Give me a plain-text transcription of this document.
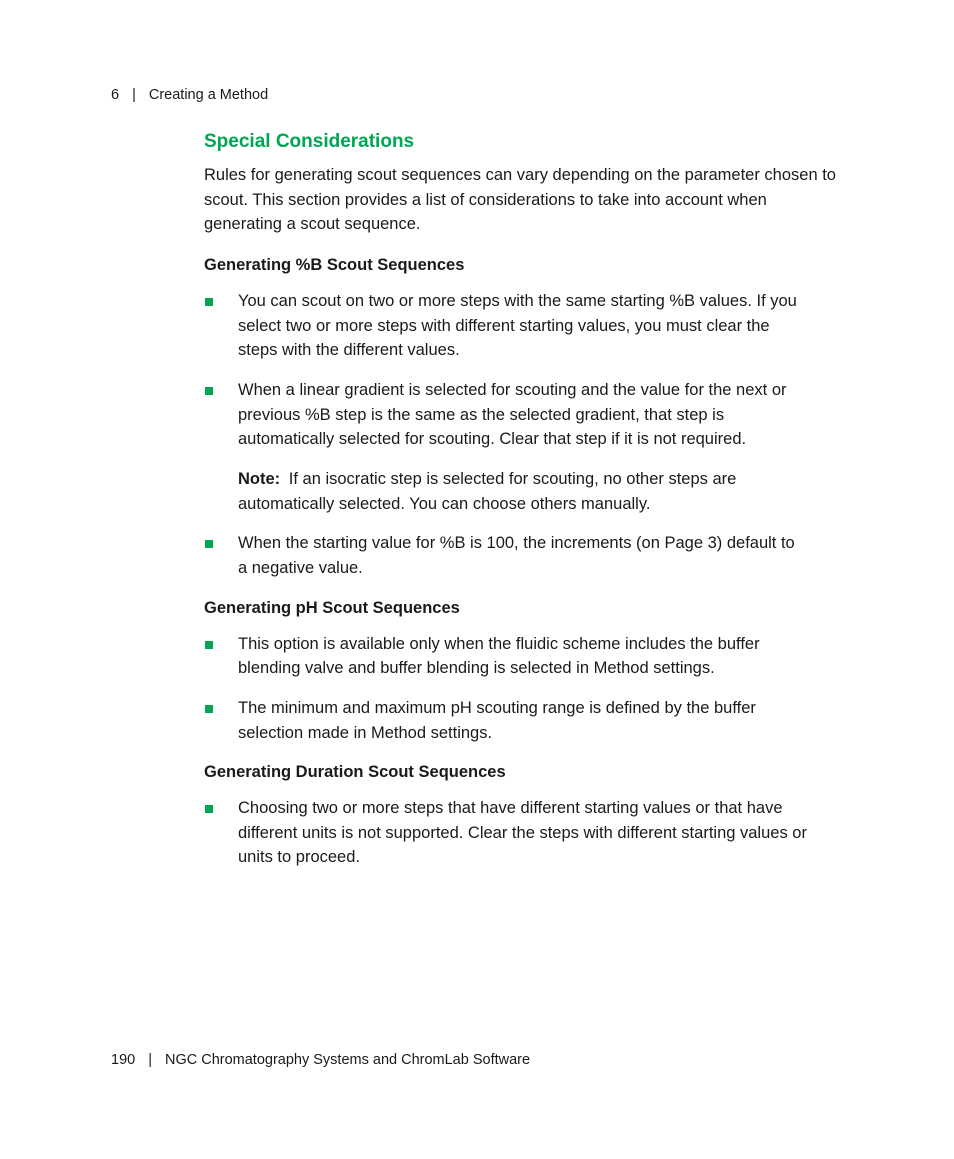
6 | Creating a Method
Special Considerations

Rules for generating scout sequences can vary depending on the parameter chosen to scout. This section provides a list of considerations to take into account when generating a scout sequence.

Generating %B Scout Sequences
You can scout on two or more steps with the same starting %B values. If you select two or more steps with different starting values, you must clear the steps with the different values.
When a linear gradient is selected for scouting and the value for the next or previous %B step is the same as the selected gradient, that step is automatically selected for scouting. Clear that step if it is not required.
Note: If an isocratic step is selected for scouting, no other steps are automatically selected. You can choose others manually.
When the starting value for %B is 100, the increments (on Page 3) default to a negative value.
Generating pH Scout Sequences
This option is available only when the fluidic scheme includes the buffer blending valve and buffer blending is selected in Method settings.
The minimum and maximum pH scouting range is defined by the buffer selection made in Method settings.
Generating Duration Scout Sequences
Choosing two or more steps that have different starting values or that have different units is not supported. Clear the steps with different starting values or units to proceed.
190 | NGC Chromatography Systems and ChromLab Software
